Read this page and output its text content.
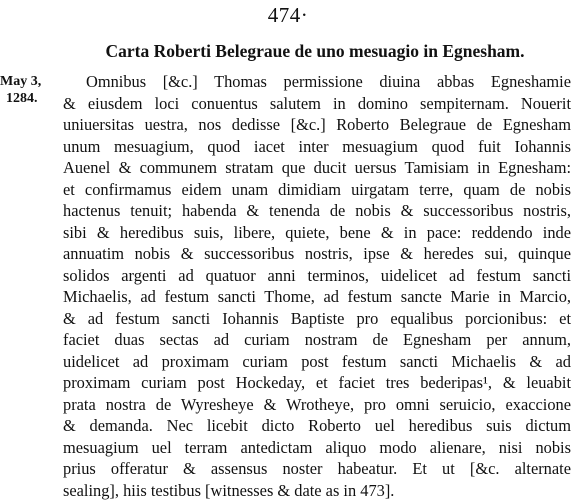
474·
Carta Roberti Belegraue de uno mesuagio in Egnesham.
May 3,
1284.
Omnibus [&c.] Thomas permissione diuina abbas Egneshamie
& eiusdem loci conuentus salutem in domino sempiternam. Nouerit
uniuersitas uestra, nos dedisse [&c.] Roberto Belegraue de Egnesham
unum mesuagium, quod iacet inter mesuagium quod fuit Iohannis
Auenel & communem stratam que ducit uersus Tamisiam in Egnesham:
et confirmamus eidem unam dimidiam uirgatam terre, quam de nobis
hactenus tenuit; habenda & tenenda de nobis & successoribus nostris,
sibi & heredibus suis, libere, quiete, bene & in pace: reddendo inde
annuatim nobis & successoribus nostris, ipse & heredes sui, quinque
solidos argenti ad quatuor anni terminos, uidelicet ad festum sancti
Michaelis, ad festum sancti Thome, ad festum sancte Marie in Marcio,
& ad festum sancti Iohannis Baptiste pro equalibus porcionibus: et
faciet duas sectas ad curiam nostram de Egnesham per annum,
uidelicet ad proximam curiam post festum sancti Michaelis & ad
proximam curiam post Hockeday, et faciet tres bederipas¹, & leuabit
prata nostra de Wyresheye & Wrotheye, pro omni seruicio, exaccione
& demanda. Nec licebit dicto Roberto uel heredibus suis dictum
mesuagium uel terram antedictam aliquo modo alienare, nisi nobis
prius offeratur & assensus noster habeatur. Et ut [&c. alternate
sealing], hiis testibus [witnesses & date as in 473].
